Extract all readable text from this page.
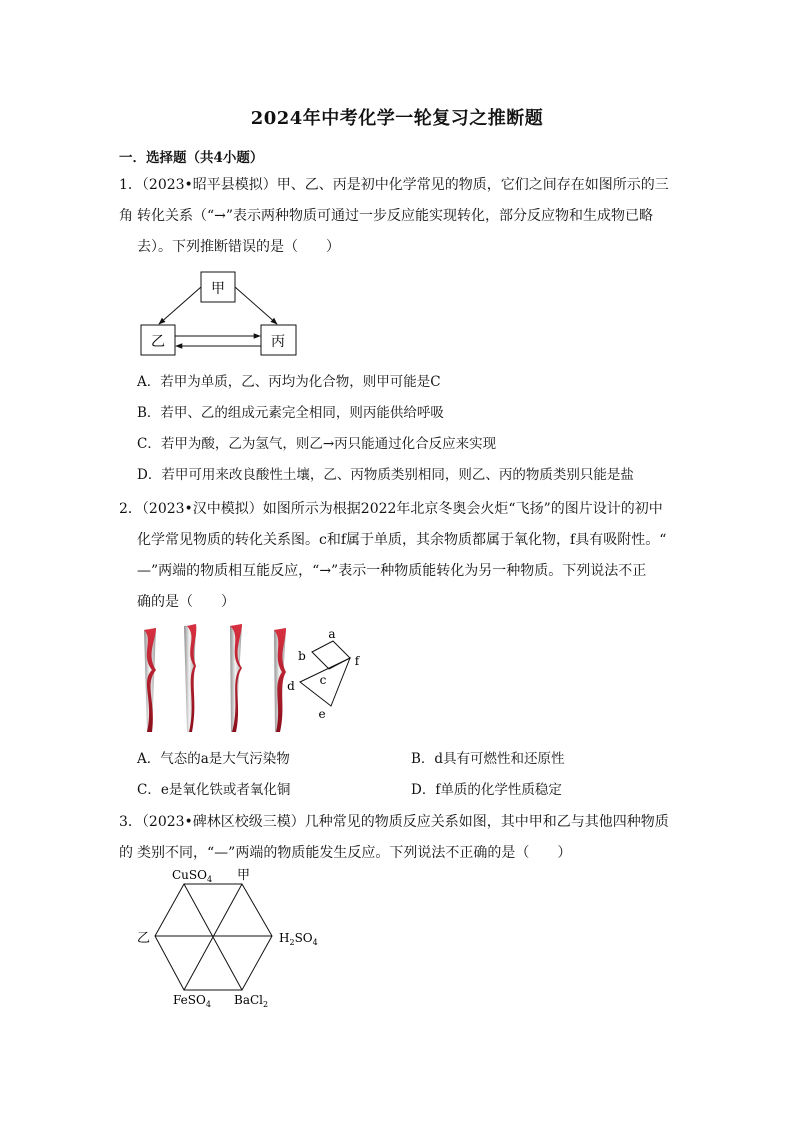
2024年中考化学一轮复习之推断题
一．选择题（共4小题）
1．（2023•昭平县模拟）甲、乙、丙是初中化学常见的物质，它们之间存在如图所示的三角 转化关系（“→”表示两种物质可通过一步反应能实现转化，部分反应物和生成物已略
去）。下列推断错误的是（　　）
甲
乙	丙
A．若甲为单质，乙、丙均为化合物，则甲可能是C
B．若甲、乙的组成元素完全相同，则丙能供给呼吸
C．若甲为酸，乙为氢气，则乙→丙只能通过化合反应来实现
D．若甲可用来改良酸性土壤，乙、丙物质类别相同，则乙、丙的物质类别只能是盐
2．（2023•汉中模拟）如图所示为根据2022年北京冬奥会火炬“飞扬”的图片设计的初中
化学常见物质的转化关系图。c和f属于单质，其余物质都属于氧化物，f具有吸附性。“
—”两端的物质相互能反应，“→”表示一种物质能转化为另一种物质。下列说法不正
确的是（　　）
a
b
c
d
e
f
A．气态的a是大气污染物	B．d具有可燃性和还原性
C．e是氧化铁或者氧化铜	D．f单质的化学性质稳定
3．（2023•碑林区校级三模）几种常见的物质反应关系如图，其中甲和乙与其他四种物质的 类别不同，“—”两端的物质能发生反应。下列说法不正确的是（　　）
CuSO$_4$ 甲
乙	$H_2SO_4$
FeSO$_4$ BaCl$_2$
